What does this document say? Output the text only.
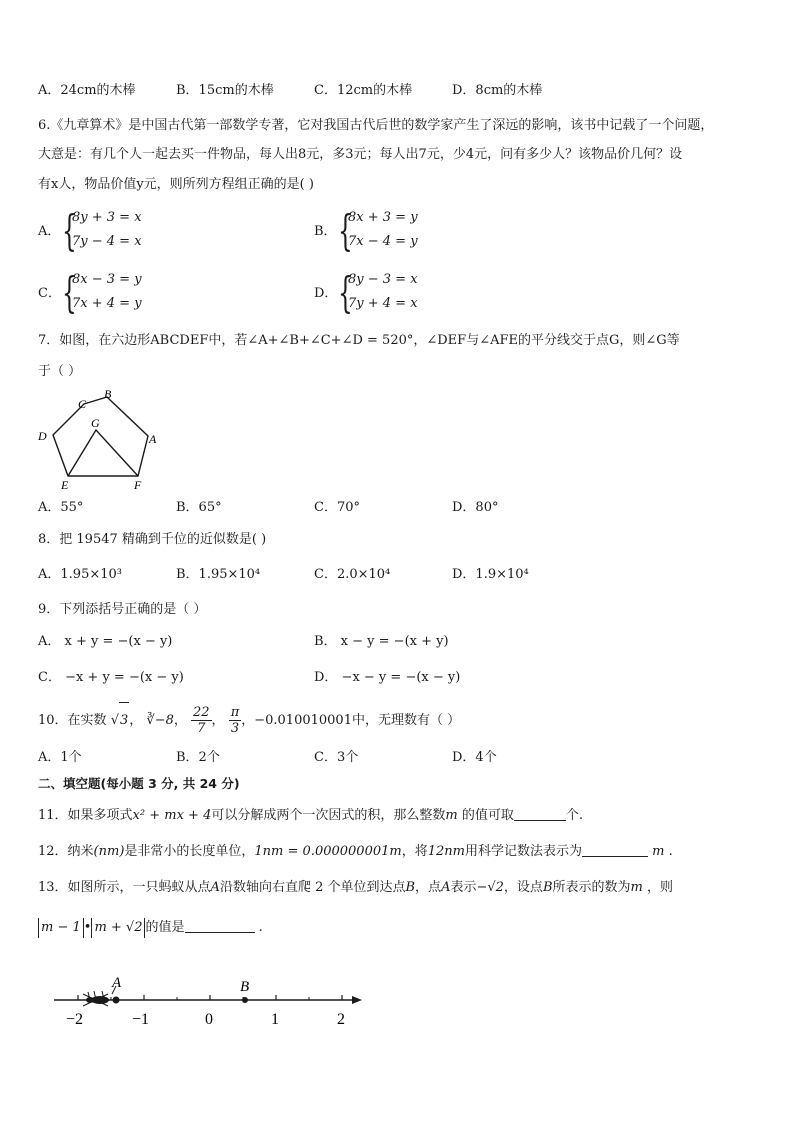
A．24cm的木棒	B．15cm的木棒	C．12cm的木棒	D．8cm的木棒
6.《九章算术》是中国古代第一部数学专著，它对我国古代后世的数学家产生了深远的影响，该书中记载了一个问题，
大意是：有几个人一起去买一件物品，每人出8元，多3元；每人出7元，少4元，问有多少人？该物品价几何？设
有x人，物品价值y元，则所列方程组正确的是( )
A． {
8y + 3 = x
7y − 4 = x
B． {
8x + 3 = y
7x − 4 = y
C． {
8x − 3 = y
7x + 4 = y
D． {
8y − 3 = x
7y + 4 = x
7．如图，在六边形ABCDEF中，若∠A+∠B+∠C+∠D = 520°，∠DEF与∠AFE的平分线交于点G，则∠G等
于（ ）
B
C
D
G
A
E	F
A．55°	B．65°	C．70°	D．80°
8．把 19547 精确到千位的近似数是( )
A．1.95×10³	B．1.95×10⁴	C．2.0×10⁴	D．1.9×10⁴
9．下列添括号正确的是（ ）
A． x + y = −(x − y)	B． x − y = −(x + y)
C． −x + y = −(x − y)	D． −x − y = −(x − y)
10．在实数 √3， ∛−8， $\frac{22}{7}$ ， $\frac{\pi}{3}$ ，−0.010010001中，无理数有（ ）
A．1个	B．2个	C．3个	D．4个
二、填空题(每小题 3 分, 共 24 分)
11．如果多项式x² + mx + 4可以分解成两个一次因式的积，那么整数m 的值可取	个.
12．纳米(nm)是非常小的长度单位，1nm = 0.000000001m，将12nm用科学记数法表示为	m .
13．如图所示，一只蚂蚁从点A沿数轴向右直爬 2 个单位到达点B，点A表示−√2，设点B所表示的数为m ，则
m − 1 • m + √2 的值是	.
A	B
−2	−1	0	1	2
